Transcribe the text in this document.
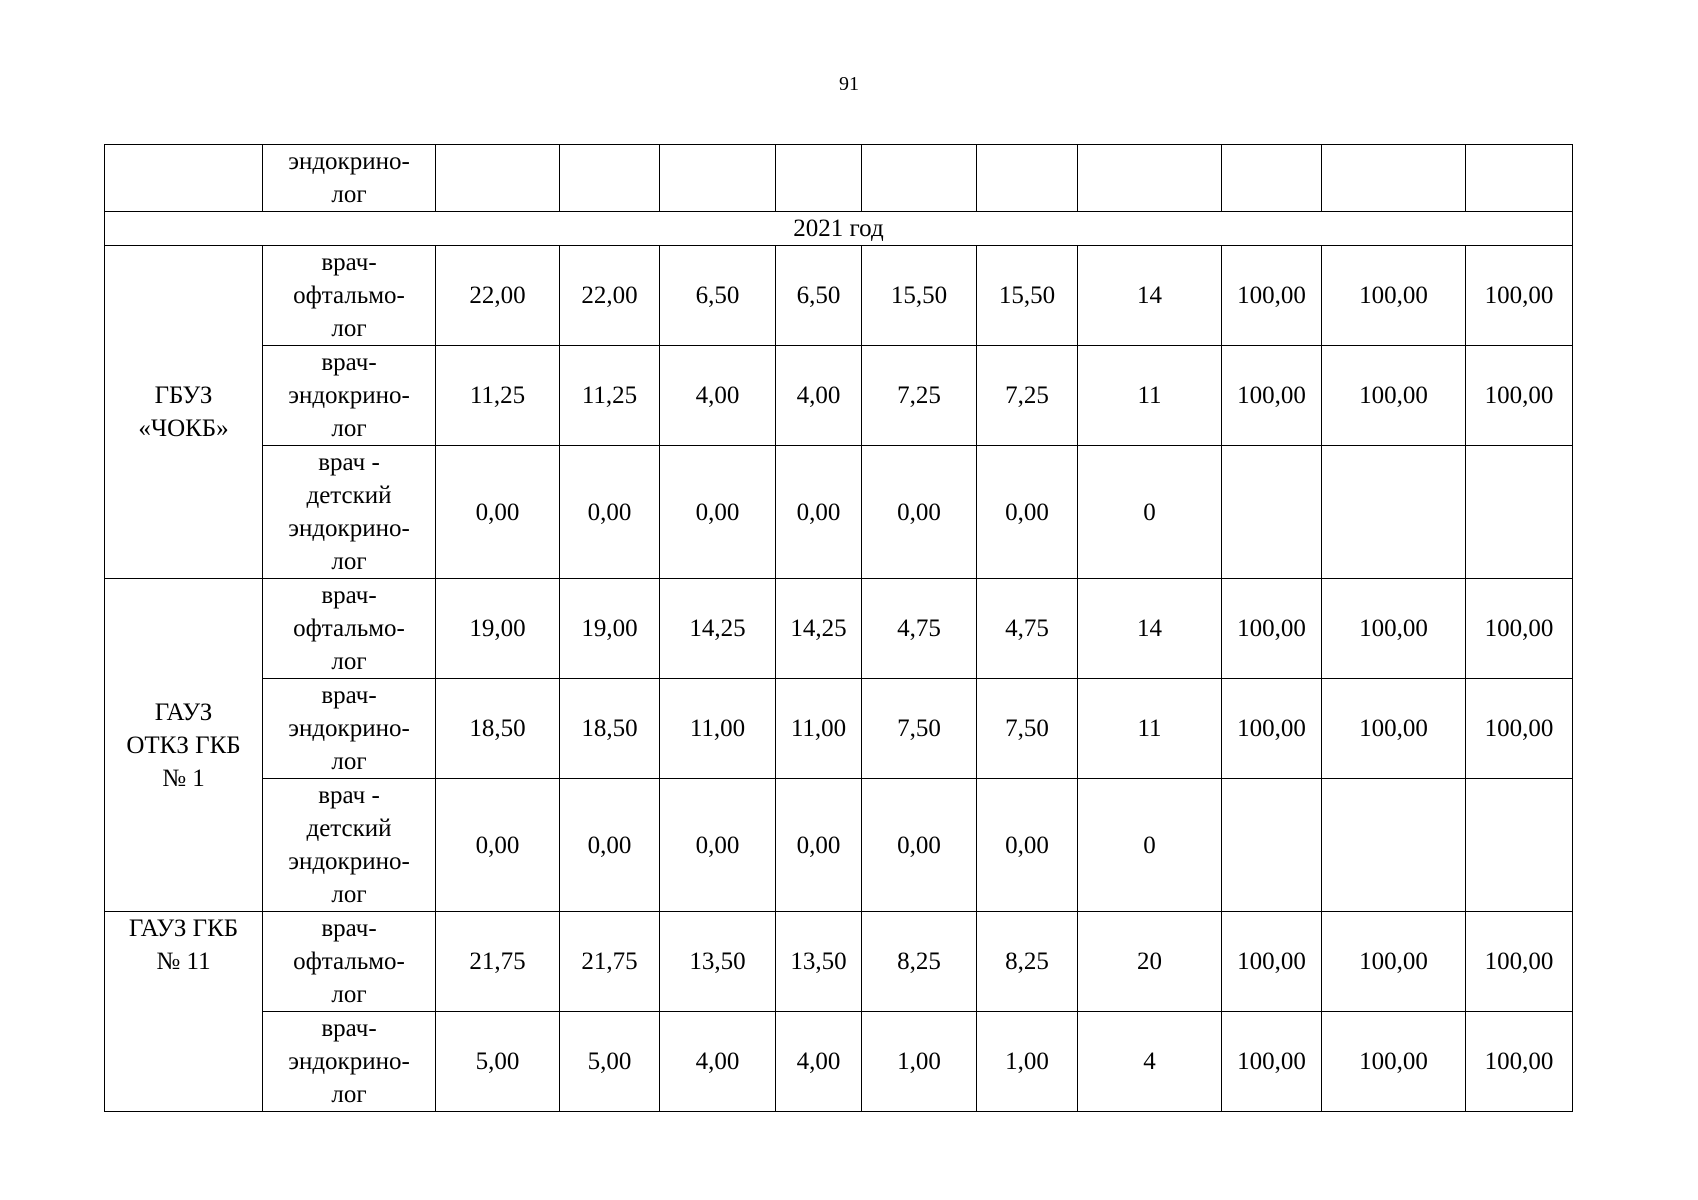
91
	эндокрино-
лог										
2021 год											
ГБУЗ
«ЧОКБ»	врач-
офтальмо-
лог	22,00	22,00	6,50	6,50	15,50	15,50	14	100,00	100,00	100,00
	врач-
эндокрино-
лог	11,25	11,25	4,00	4,00	7,25	7,25	11	100,00	100,00	100,00
	врач -
детский
эндокрино-
лог	0,00	0,00	0,00	0,00	0,00	0,00	0			
ГАУЗ
ОТКЗ ГКБ
№ 1	врач-
офтальмо-
лог	19,00	19,00	14,25	14,25	4,75	4,75	14	100,00	100,00	100,00
	врач-
эндокрино-
лог	18,50	18,50	11,00	11,00	7,50	7,50	11	100,00	100,00	100,00
	врач -
детский
эндокрино-
лог	0,00	0,00	0,00	0,00	0,00	0,00	0			
ГАУЗ ГКБ
№ 11	врач-
офтальмо-
лог	21,75	21,75	13,50	13,50	8,25	8,25	20	100,00	100,00	100,00
	врач-
эндокрино-
лог	5,00	5,00	4,00	4,00	1,00	1,00	4	100,00	100,00	100,00
